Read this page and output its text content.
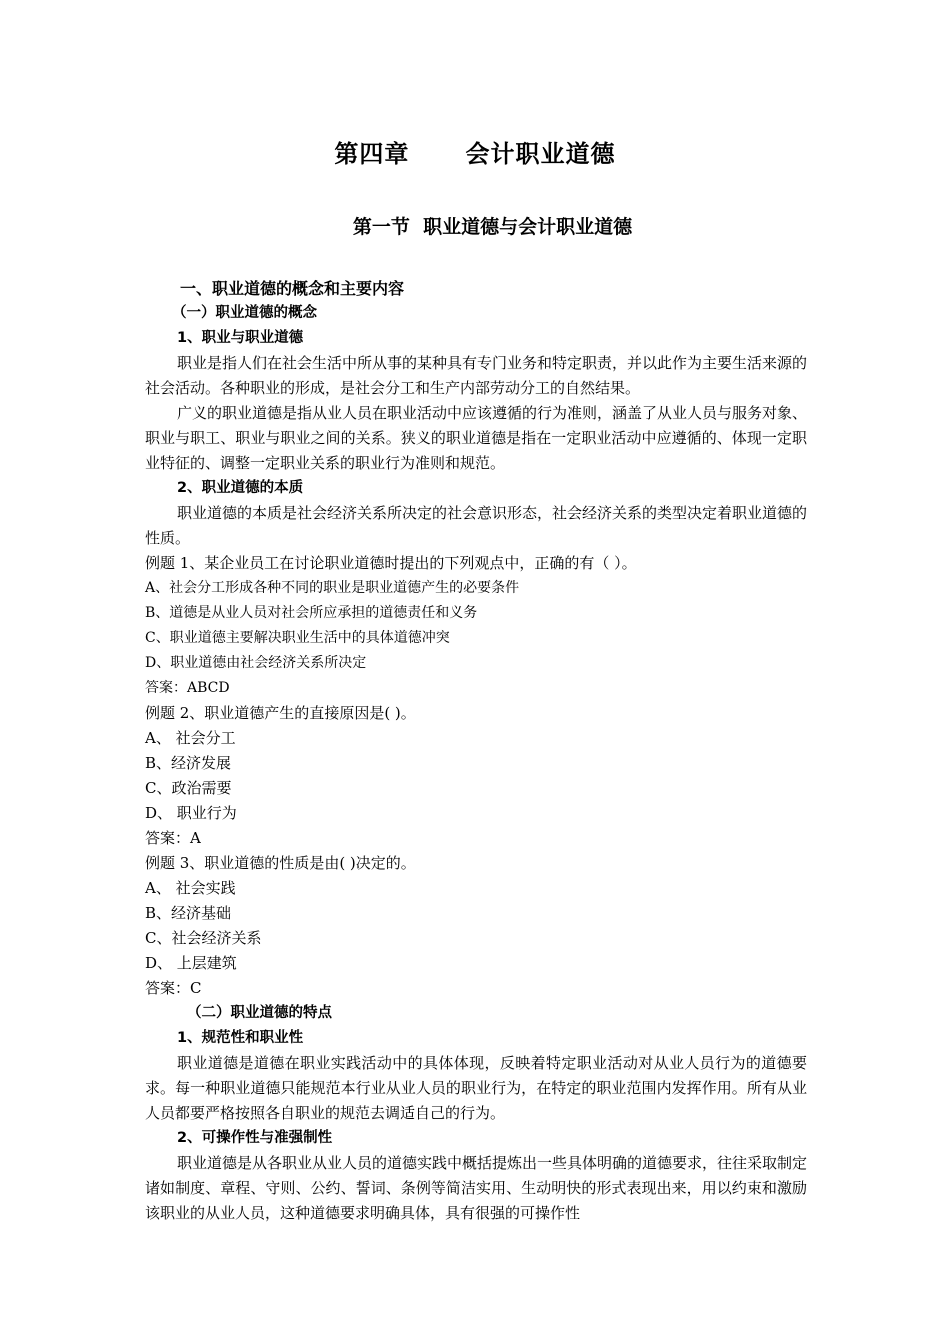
第四章      会计职业道德
第一节  职业道德与会计职业道德
一、职业道德的概念和主要内容
（一）职业道德的概念
1、职业与职业道德
职业是指人们在社会生活中所从事的某种具有专门业务和特定职责，并以此作为主要生活来源的社会活动。各种职业的形成，是社会分工和生产内部劳动分工的自然结果。
广义的职业道德是指从业人员在职业活动中应该遵循的行为准则，涵盖了从业人员与服务对象、职业与职工、职业与职业之间的关系。狭义的职业道德是指在一定职业活动中应遵循的、体现一定职业特征的、调整一定职业关系的职业行为准则和规范。
2、职业道德的本质
职业道德的本质是社会经济关系所决定的社会意识形态，社会经济关系的类型决定着职业道德的性质。
例题 1、某企业员工在讨论职业道德时提出的下列观点中，正确的有（ ）。
A、社会分工形成各种不同的职业是职业道德产生的必要条件
B、道德是从业人员对社会所应承担的道德责任和义务
C、职业道德主要解决职业生活中的具体道德冲突
D、职业道德由社会经济关系所决定
答案：ABCD
例题 2、职业道德产生的直接原因是( )。
A、 社会分工
B、经济发展
C、政治需要
D、 职业行为
答案：A
例题 3、职业道德的性质是由( )决定的。
A、 社会实践
B、经济基础
C、社会经济关系
D、 上层建筑
答案：C
（二）职业道德的特点
1、规范性和职业性
职业道德是道德在职业实践活动中的具体体现，反映着特定职业活动对从业人员行为的道德要求。每一种职业道德只能规范本行业从业人员的职业行为，在特定的职业范围内发挥作用。所有从业人员都要严格按照各自职业的规范去调适自己的行为。
2、可操作性与准强制性
职业道德是从各职业从业人员的道德实践中概括提炼出一些具体明确的道德要求，往往采取制定诸如制度、章程、守则、公约、誓词、条例等简洁实用、生动明快的形式表现出来，用以约束和激励该职业的从业人员，这种道德要求明确具体，具有很强的可操作性
